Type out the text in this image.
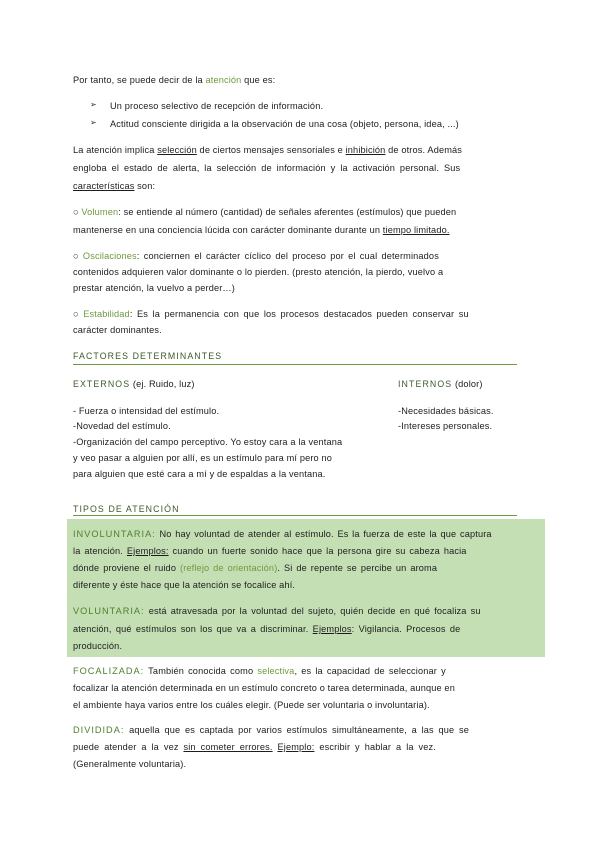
Por tanto, se puede decir de la atención que es:
➢ Un proceso selectivo de recepción de información.
➢ Actitud consciente dirigida a la observación de una cosa (objeto, persona, idea, ...)
La atención implica selección de ciertos mensajes sensoriales e inhibición de otros. Además
engloba el estado de alerta, la selección de información y la activación personal. Sus
características son:
○ Volumen: se entiende al número (cantidad) de señales aferentes (estímulos) que pueden
mantenerse en una conciencia lúcida con carácter dominante durante un tiempo limitado.
○ Oscilaciones: conciernen el carácter cíclico del proceso por el cual determinados
contenidos adquieren valor dominante o lo pierden. (presto atención, la pierdo, vuelvo a
prestar atención, la vuelvo a perder…)
○ Estabilidad: Es la permanencia con que los procesos destacados pueden conservar su
carácter dominantes.
FACTORES DETERMINANTES
EXTERNOS (ej. Ruido, luz)	INTERNOS (dolor)
- Fuerza o intensidad del estímulo.
-Novedad del estímulo.
-Organización del campo perceptivo. Yo estoy cara a la ventana
y veo pasar a alguien por allí, es un estímulo para mí pero no
para alguien que esté cara a mí y de espaldas a la ventana.
-Necesidades básicas.
-Intereses personales.
TIPOS DE ATENCIÓN
INVOLUNTARIA: No hay voluntad de atender al estímulo. Es la fuerza de este la que captura
la atención. Ejemplos: cuando un fuerte sonido hace que la persona gire su cabeza hacia
dónde proviene el ruido (reflejo de orientación). Si de repente se percibe un aroma
diferente y éste hace que la atención se focalice ahí.
VOLUNTARIA: está atravesada por la voluntad del sujeto, quién decide en qué focaliza su
atención, qué estímulos son los que va a discriminar. Ejemplos: Vigilancia. Procesos de
producción.
FOCALIZADA: También conocida como selectiva, es la capacidad de seleccionar y
focalizar la atención determinada en un estímulo concreto o tarea determinada, aunque en
el ambiente haya varios entre los cuáles elegir. (Puede ser voluntaria o involuntaria).
DIVIDIDA: aquella que es captada por varios estímulos simultáneamente, a las que se
puede atender a la vez sin cometer errores. Ejemplo: escribir y hablar a la vez.
(Generalmente voluntaria).
